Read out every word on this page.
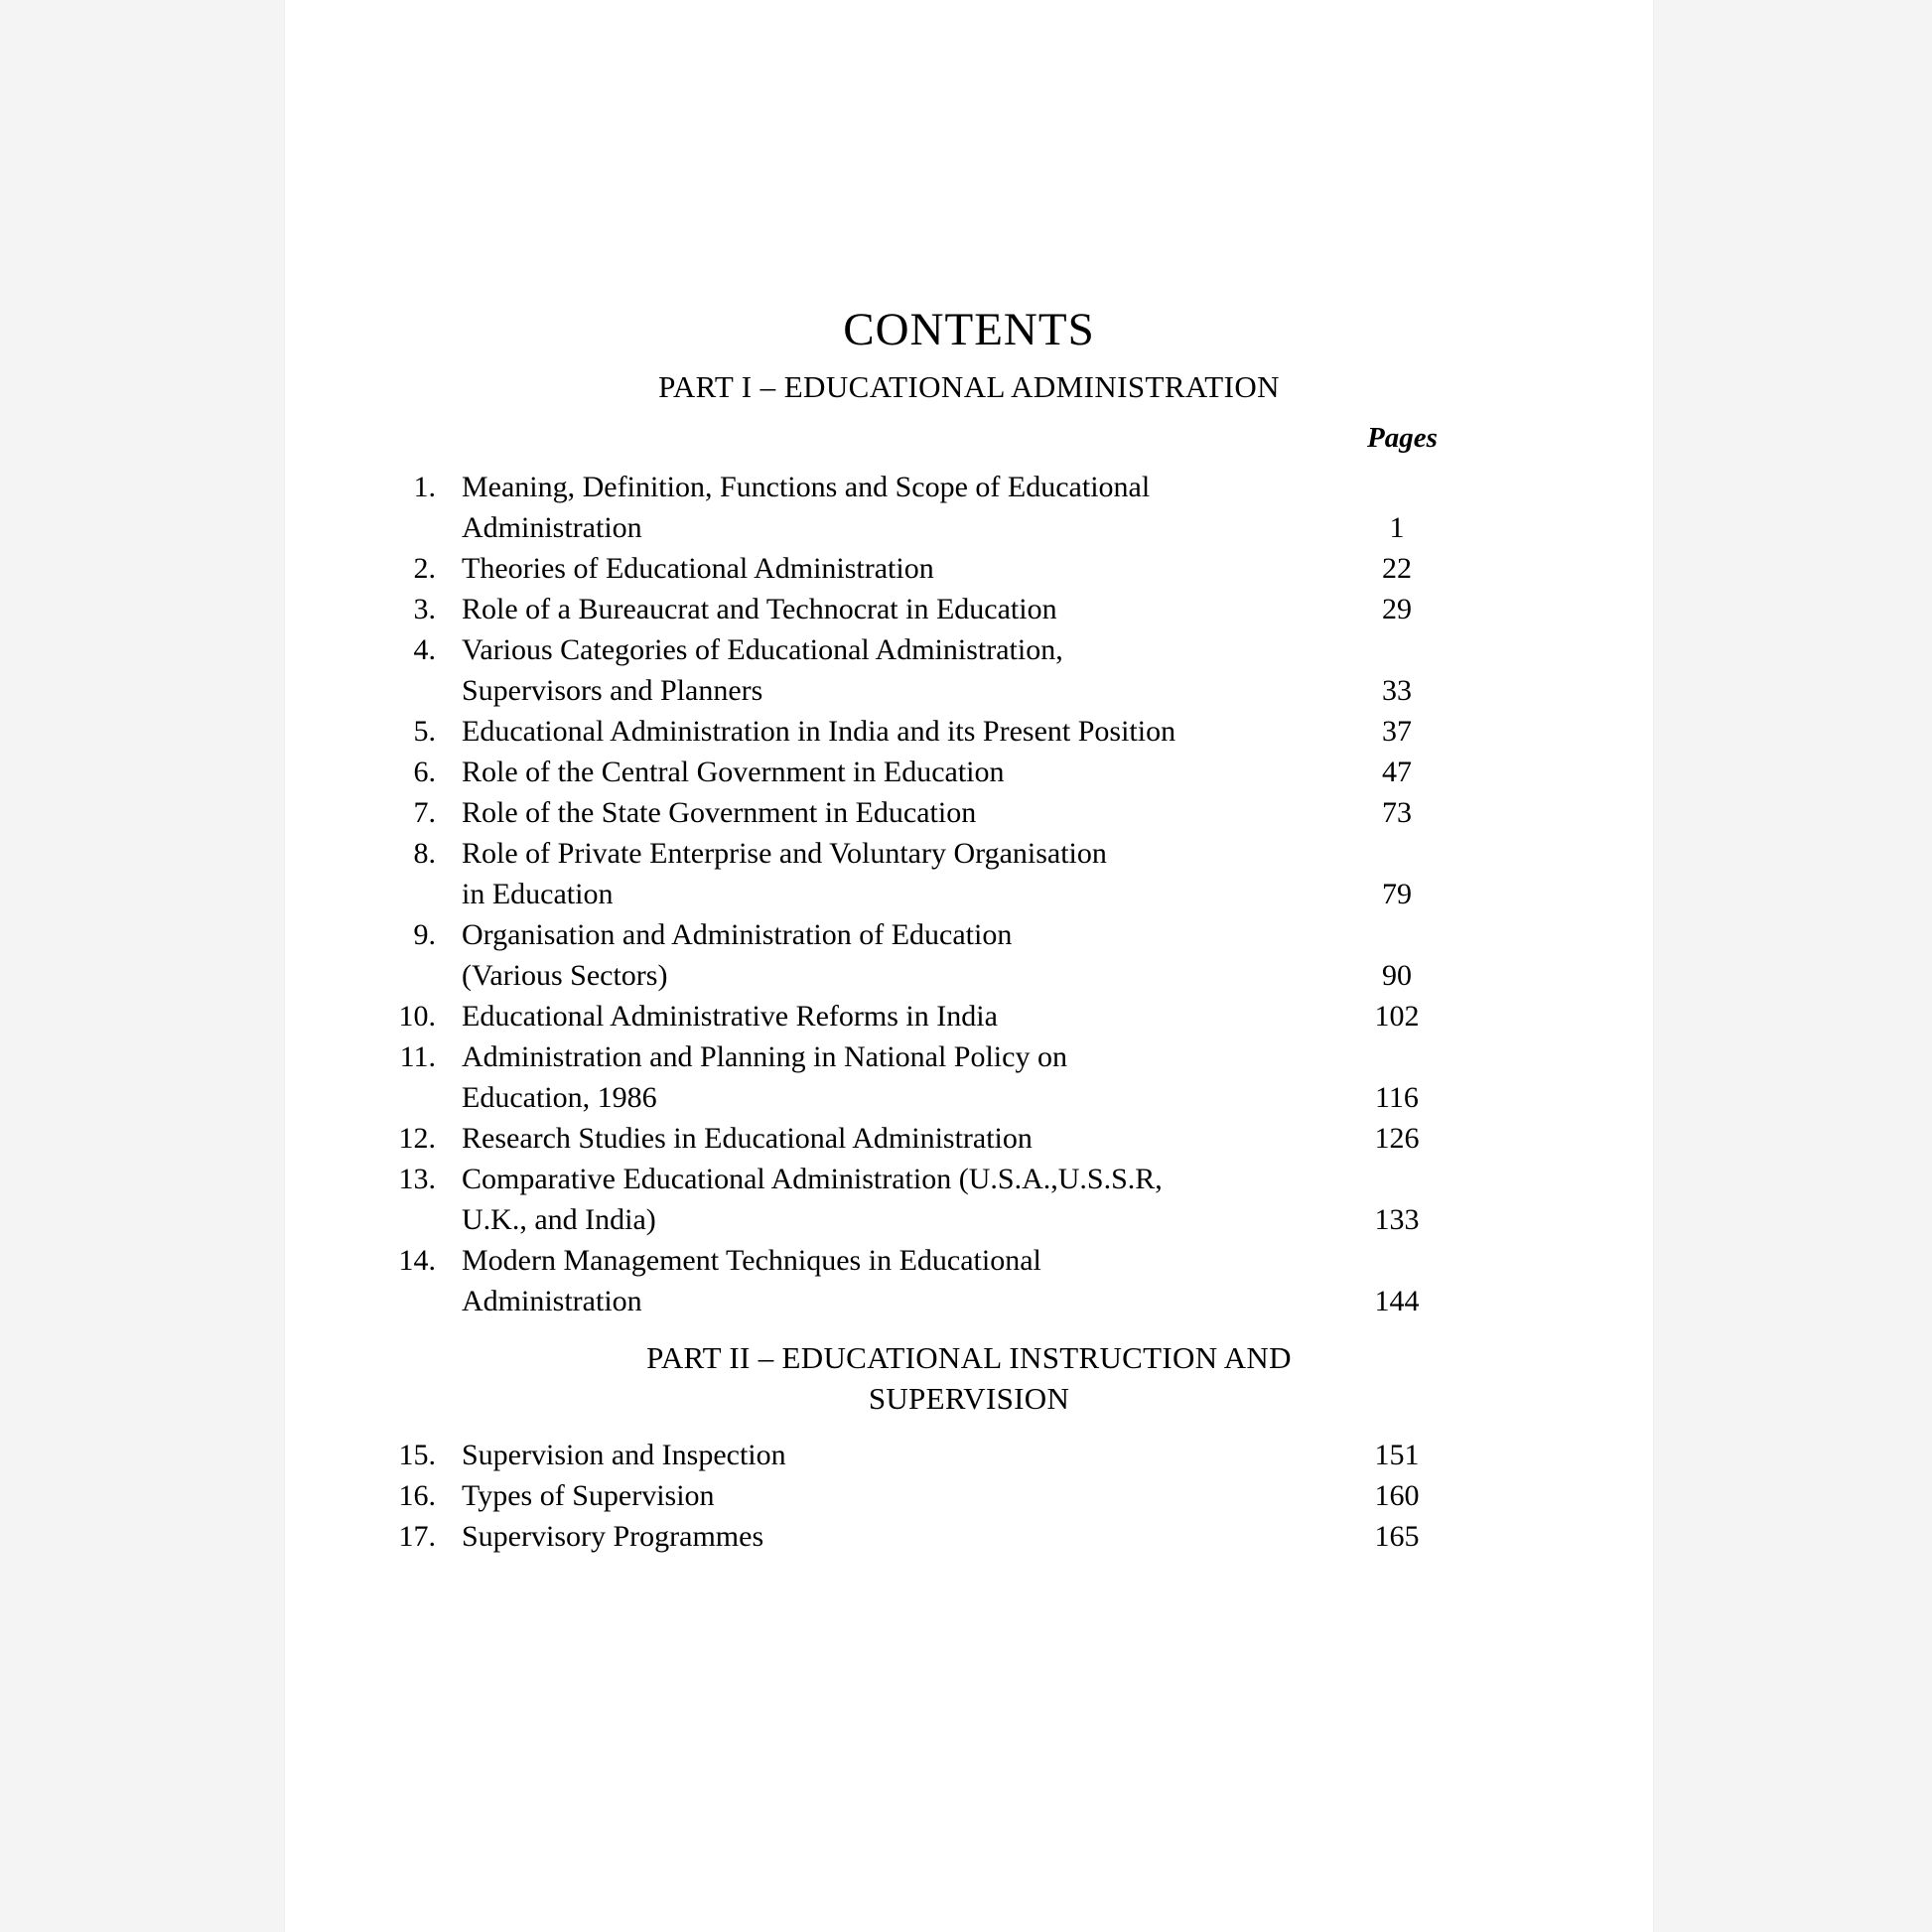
CONTENTS
PART I – EDUCATIONAL ADMINISTRATION
Pages
1. Meaning, Definition, Functions and Scope of Educational
Administration	1
2. Theories of Educational Administration	22
3. Role of a Bureaucrat and Technocrat in Education	29
4. Various Categories of Educational Administration,
Supervisors and Planners	33
5. Educational Administration in India and its Present Position	37
6. Role of the Central Government in Education	47
7. Role of the State Government in Education	73
8. Role of Private Enterprise and Voluntary Organisation
in Education	79
9. Organisation and Administration of Education
(Various Sectors)	90
10. Educational Administrative Reforms in India	102
11. Administration and Planning in National Policy on
Education, 1986	116
12. Research Studies in Educational Administration	126
13. Comparative Educational Administration (U.S.A.,U.S.S.R,
U.K., and India)	133
14. Modern Management Techniques in Educational
Administration	144
PART II – EDUCATIONAL INSTRUCTION AND
SUPERVISION
15. Supervision and Inspection	151
16. Types of Supervision	160
17. Supervisory Programmes	165
